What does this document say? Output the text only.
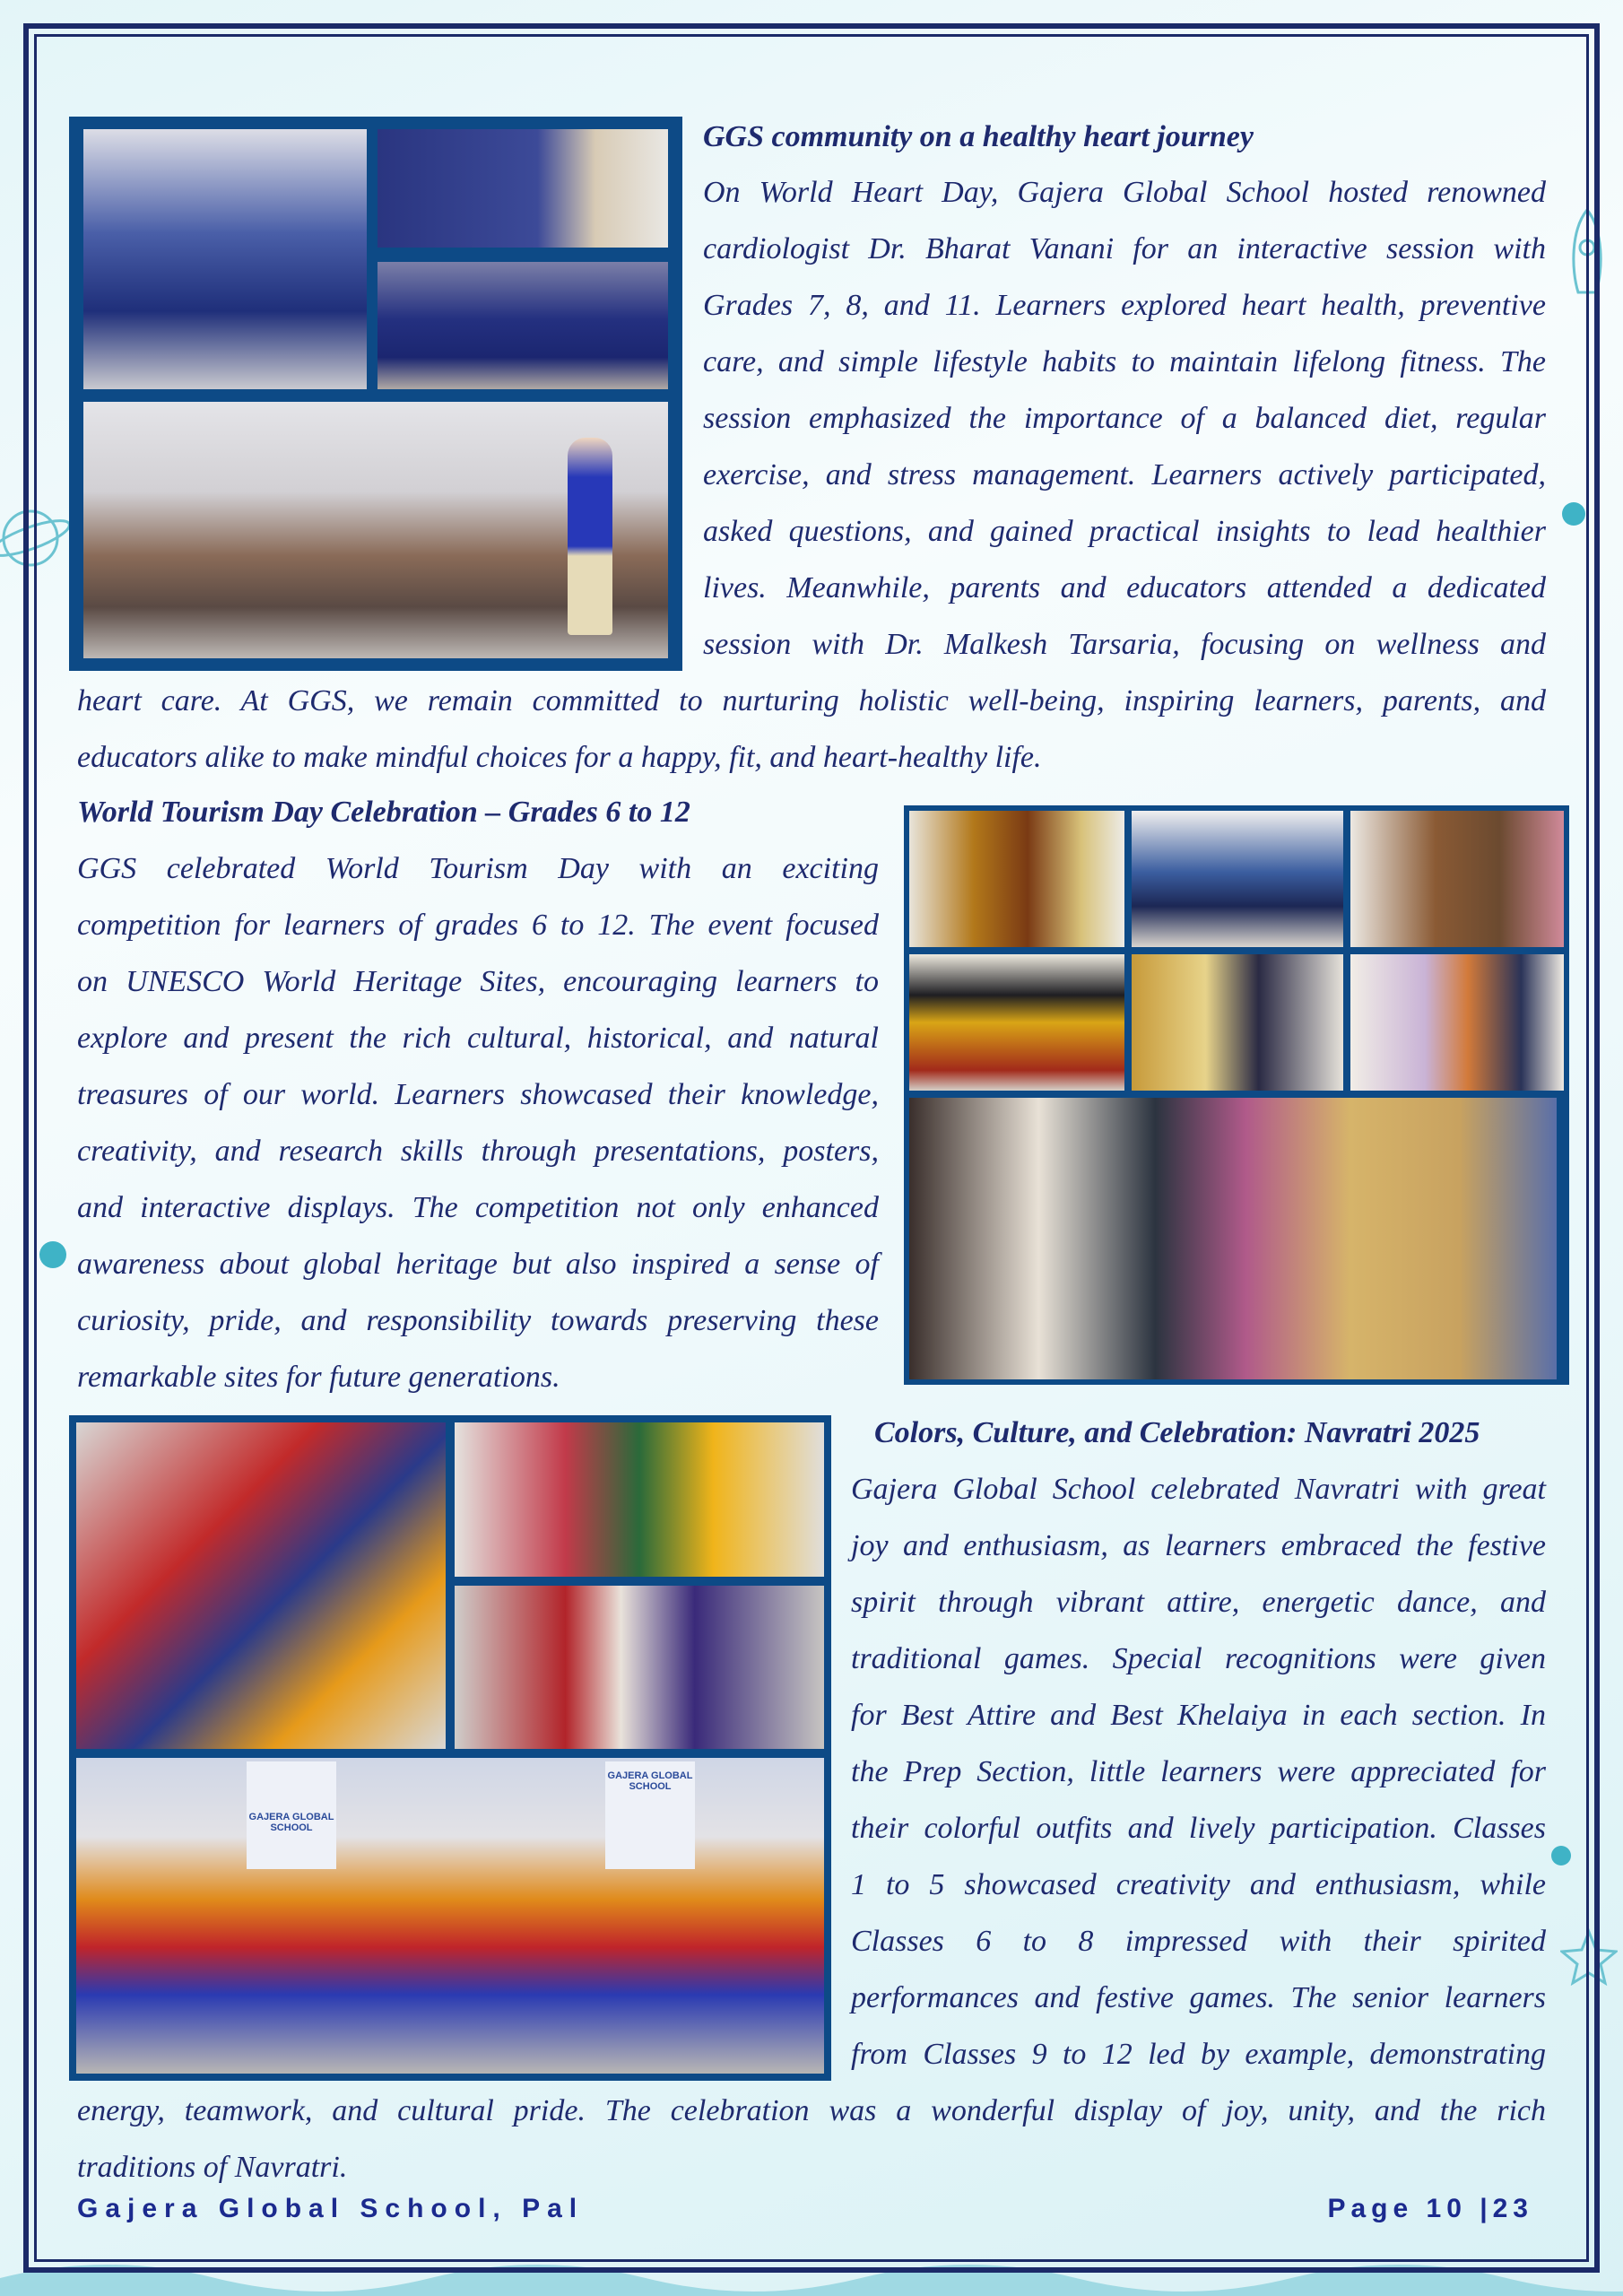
GGS community on a healthy heart journey

On World Heart Day, Gajera Global School hosted renowned

cardiologist Dr. Bharat Vanani for an interactive session with

Grades 7, 8, and 11. Learners explored heart health, preventive

care, and simple lifestyle habits to maintain lifelong fitness. The

session emphasized the importance of a balanced diet, regular

exercise, and stress management. Learners actively participated,

asked questions, and gained practical insights to lead healthier

lives. Meanwhile, parents and educators attended a dedicated

session with Dr. Malkesh Tarsaria, focusing on wellness and

heart care. At GGS, we remain committed to nurturing holistic well-being, inspiring learners, parents, and

educators alike to make mindful choices for a happy, fit, and heart-healthy life.

World Tourism Day Celebration – Grades 6 to 12

GGS celebrated World Tourism Day with an exciting

competition for learners of grades 6 to 12. The event focused

on UNESCO World Heritage Sites, encouraging learners to

explore and present the rich cultural, historical, and natural

treasures of our world. Learners showcased their knowledge,

creativity, and research skills through presentations, posters,

and interactive displays. The competition not only enhanced

awareness about global heritage but also inspired a sense of

curiosity, pride, and responsibility towards preserving these

remarkable sites for future generations.

GAJERA GLOBAL SCHOOL
GAJERA GLOBAL SCHOOL

Colors, Culture, and Celebration: Navratri 2025

Gajera Global School celebrated Navratri with great

joy and enthusiasm, as learners embraced the festive

spirit through vibrant attire, energetic dance, and

traditional games. Special recognitions were given

for Best Attire and Best Khelaiya in each section. In

the Prep Section, little learners were appreciated for

their colorful outfits and lively participation. Classes

1 to 5 showcased creativity and enthusiasm, while

Classes 6 to 8 impressed with their spirited

performances and festive games. The senior learners

from Classes 9 to 12 led by example, demonstrating

energy, teamwork, and cultural pride. The celebration was a wonderful display of joy, unity, and the rich

traditions of Navratri.

Gajera Global School, Pal	Page 10 |23
